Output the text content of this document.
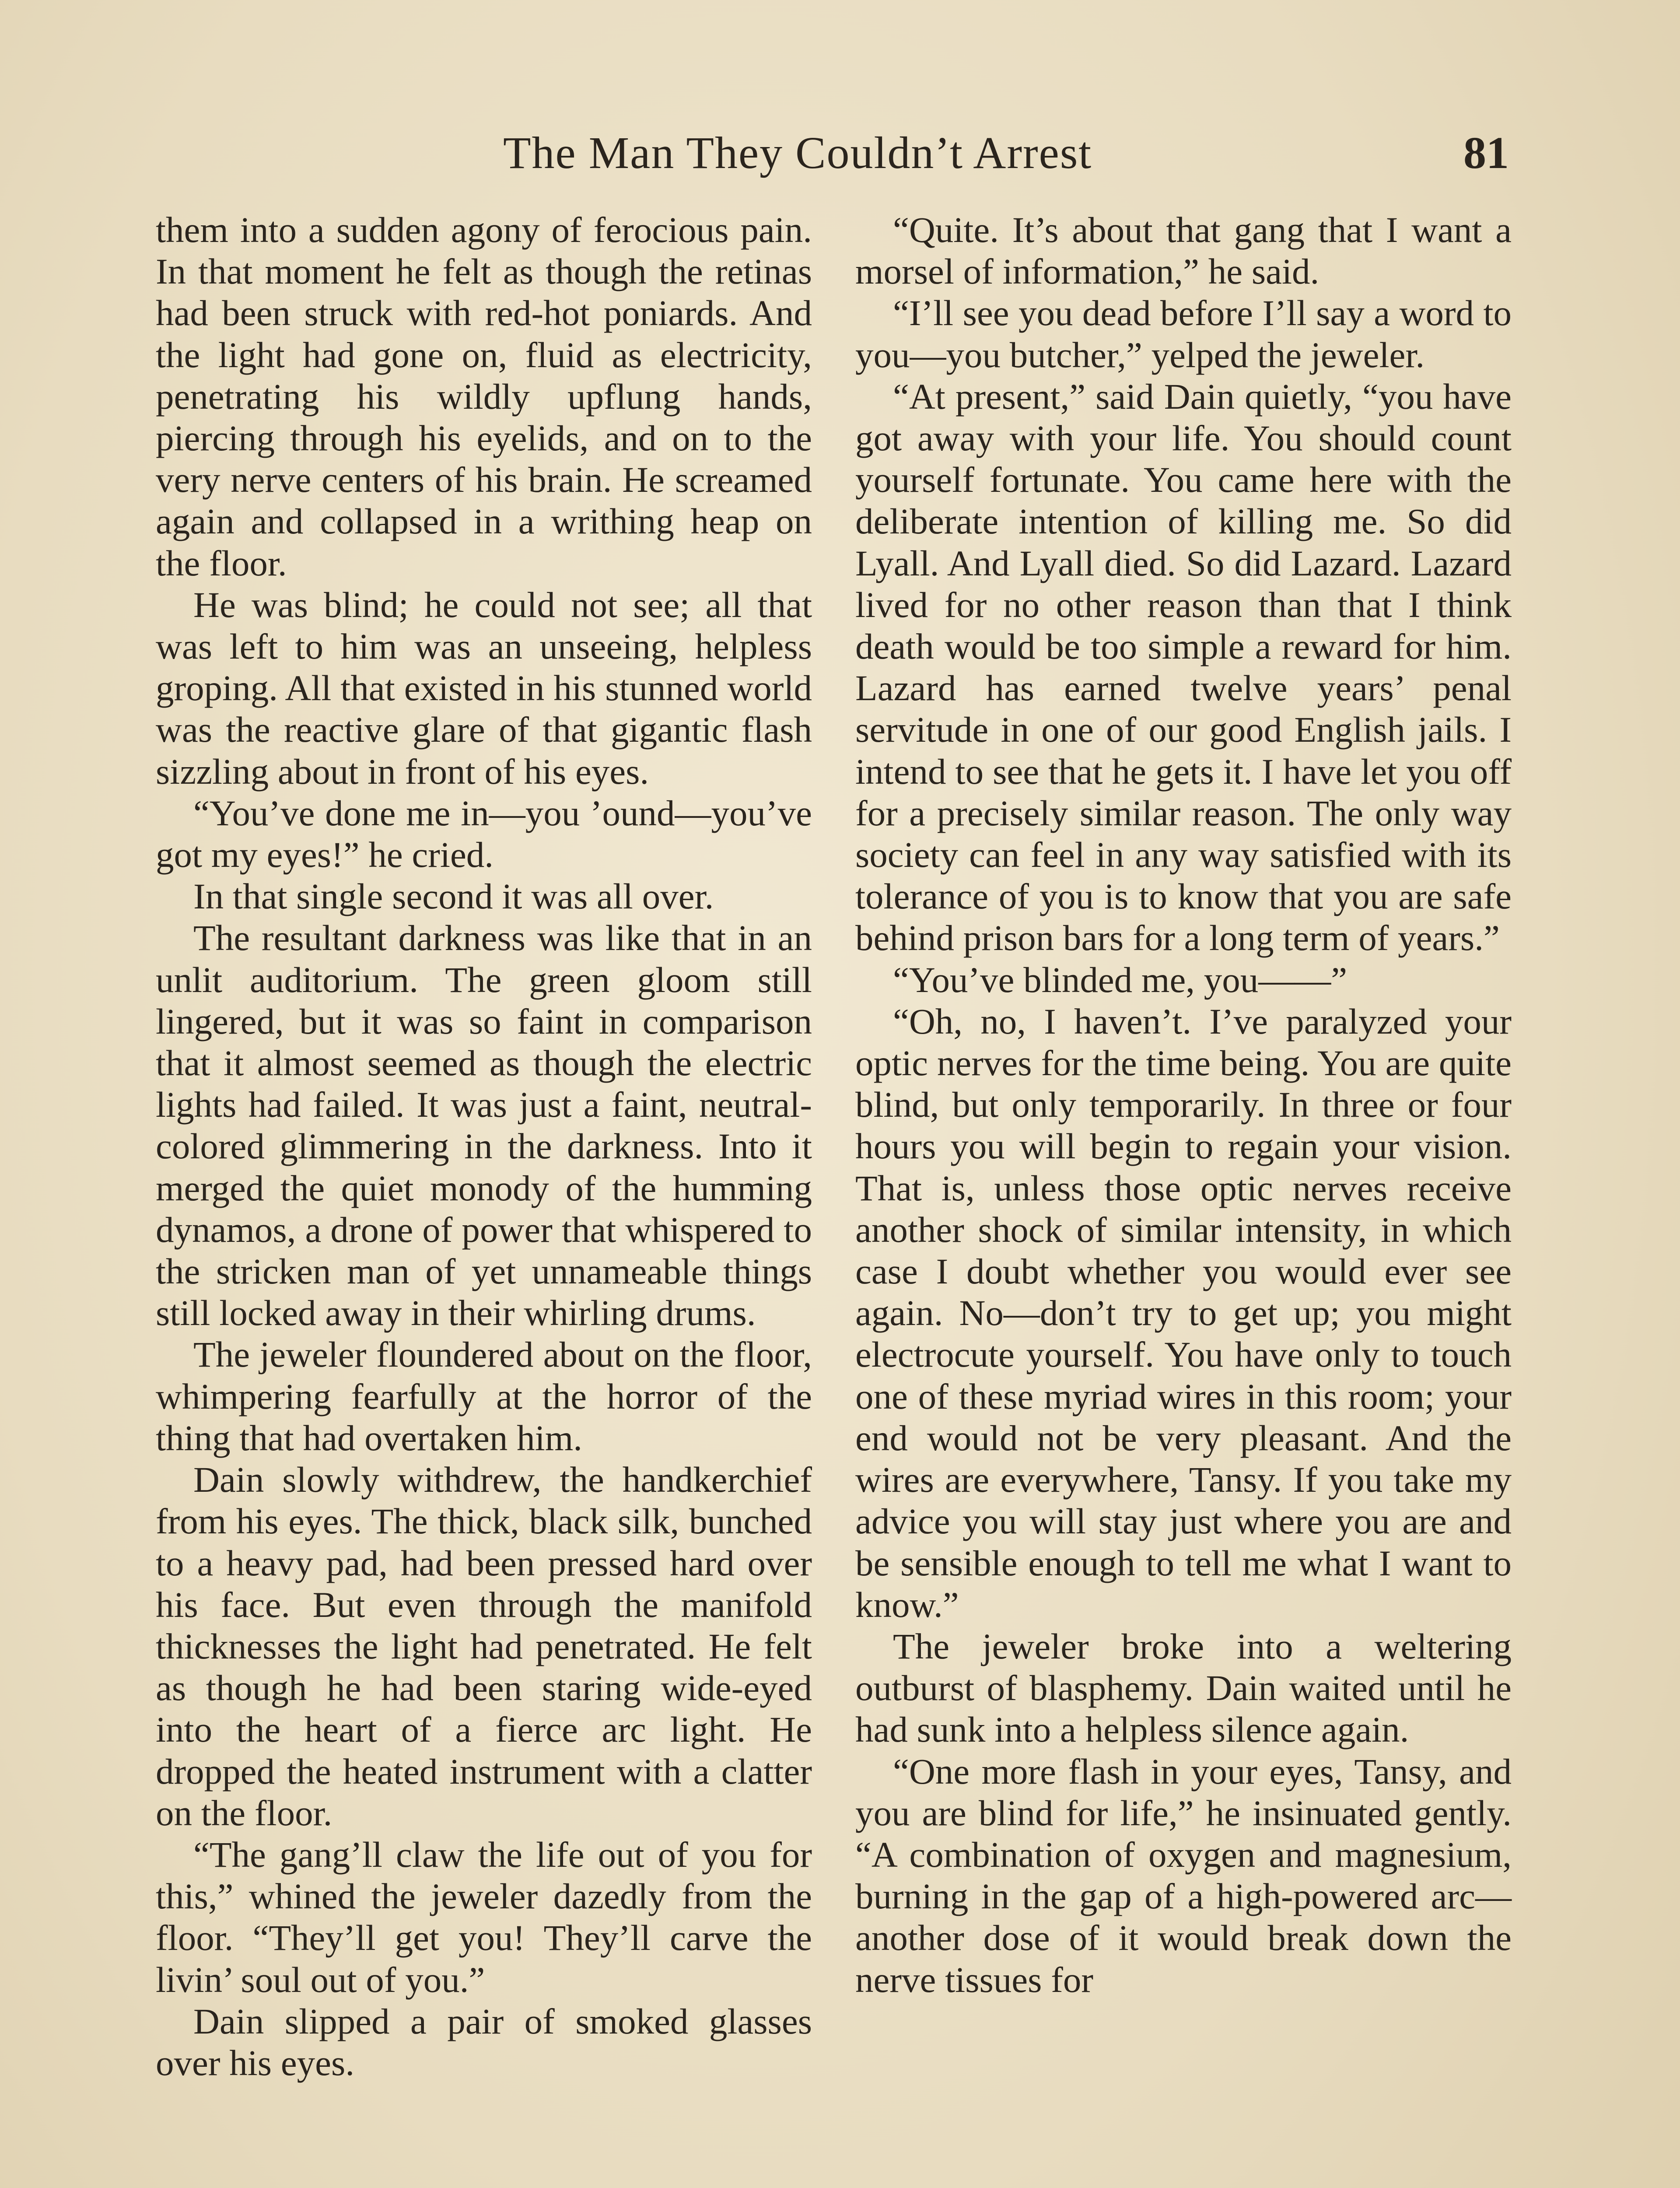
The Man They Couldn’t Arrest	81

them into a sudden agony of ferocious pain. In that moment he felt as though the retinas had been struck with red-hot poniards. And the light had gone on, fluid as electricity, penetrating his wildly upflung hands, piercing through his eyelids, and on to the very nerve centers of his brain. He screamed again and collapsed in a writhing heap on the floor.

He was blind; he could not see; all that was left to him was an unseeing, helpless groping. All that existed in his stunned world was the reactive glare of that gigantic flash sizzling about in front of his eyes.

“You’ve done me in—you ’ound—you’ve got my eyes!” he cried.

In that single second it was all over.

The resultant darkness was like that in an unlit auditorium. The green gloom still lingered, but it was so faint in comparison that it almost seemed as though the electric lights had failed. It was just a faint, neutral-colored glimmering in the darkness. Into it merged the quiet monody of the humming dynamos, a drone of power that whispered to the stricken man of yet unnameable things still locked away in their whirling drums.

The jeweler floundered about on the floor, whimpering fearfully at the horror of the thing that had overtaken him.

Dain slowly withdrew, the handkerchief from his eyes. The thick, black silk, bunched to a heavy pad, had been pressed hard over his face. But even through the manifold thicknesses the light had penetrated. He felt as though he had been staring wide-eyed into the heart of a fierce arc light. He dropped the heated instrument with a clatter on the floor.

“The gang’ll claw the life out of you for this,” whined the jeweler dazedly from the floor. “They’ll get you! They’ll carve the livin’ soul out of you.”

Dain slipped a pair of smoked glasses over his eyes.

“Quite. It’s about that gang that I want a morsel of information,” he said.

“I’ll see you dead before I’ll say a word to you—you butcher,” yelped the jeweler.

“At present,” said Dain quietly, “you have got away with your life. You should count yourself fortunate. You came here with the deliberate intention of killing me. So did Lyall. And Lyall died. So did Lazard. Lazard lived for no other reason than that I think death would be too simple a reward for him. Lazard has earned twelve years’ penal servitude in one of our good English jails. I intend to see that he gets it. I have let you off for a precisely similar reason. The only way society can feel in any way satisfied with its tolerance of you is to know that you are safe behind prison bars for a long term of years.”

“You’ve blinded me, you——”

“Oh, no, I haven’t. I’ve paralyzed your optic nerves for the time being. You are quite blind, but only temporarily. In three or four hours you will begin to regain your vision. That is, unless those optic nerves receive another shock of similar intensity, in which case I doubt whether you would ever see again. No—don’t try to get up; you might electrocute yourself. You have only to touch one of these myriad wires in this room; your end would not be very pleasant. And the wires are everywhere, Tansy. If you take my advice you will stay just where you are and be sensible enough to tell me what I want to know.”

The jeweler broke into a weltering outburst of blasphemy. Dain waited until he had sunk into a helpless silence again.

“One more flash in your eyes, Tansy, and you are blind for life,” he insinuated gently. “A combination of oxygen and magnesium, burning in the gap of a high-powered arc—another dose of it would break down the nerve tissues for
